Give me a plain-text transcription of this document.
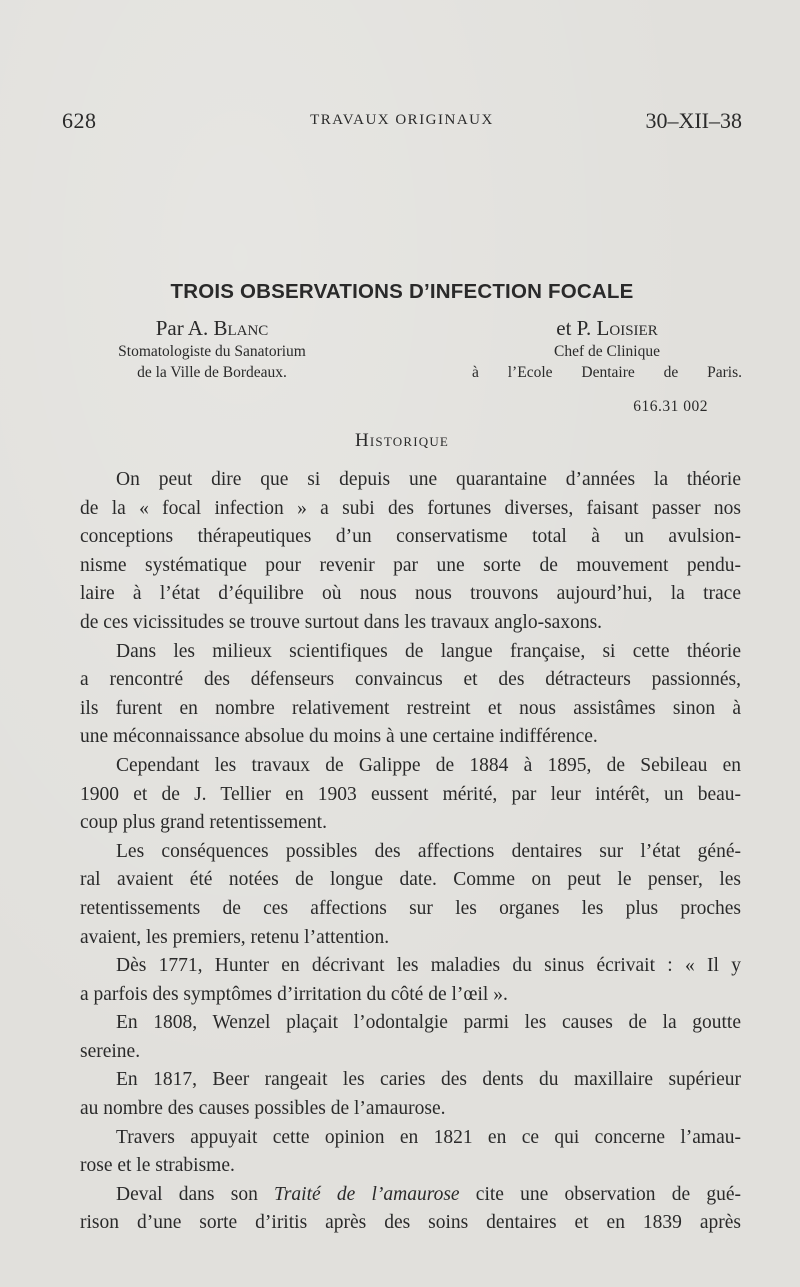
628	TRAVAUX ORIGINAUX	30–XII–38
TROIS OBSERVATIONS D’INFECTION FOCALE
Par A. Blanc
Stomatologiste du Sanatorium
de la Ville de Bordeaux.
et P. Loisier
Chef de Clinique
à l’Ecole Dentaire de Paris.
616.31 002
Historique

On peut dire que si depuis une quarantaine d’années la théorie
de la « focal infection » a subi des fortunes diverses, faisant passer nos
conceptions thérapeutiques d’un conservatisme total à un avulsion-
nisme systématique pour revenir par une sorte de mouvement pendu-
laire à l’état d’équilibre où nous nous trouvons aujourd’hui, la trace
de ces vicissitudes se trouve surtout dans les travaux anglo-saxons.

Dans les milieux scientifiques de langue française, si cette théorie
a rencontré des défenseurs convaincus et des détracteurs passionnés,
ils furent en nombre relativement restreint et nous assistâmes sinon à
une méconnaissance absolue du moins à une certaine indifférence.

Cependant les travaux de Galippe de 1884 à 1895, de Sebileau en
1900 et de J. Tellier en 1903 eussent mérité, par leur intérêt, un beau-
coup plus grand retentissement.

Les conséquences possibles des affections dentaires sur l’état géné-
ral avaient été notées de longue date. Comme on peut le penser, les
retentissements de ces affections sur les organes les plus proches
avaient, les premiers, retenu l’attention.

Dès 1771, Hunter en décrivant les maladies du sinus écrivait : « Il y
a parfois des symptômes d’irritation du côté de l’œil ».

En 1808, Wenzel plaçait l’odontalgie parmi les causes de la goutte
sereine.

En 1817, Beer rangeait les caries des dents du maxillaire supérieur
au nombre des causes possibles de l’amaurose.

Travers appuyait cette opinion en 1821 en ce qui concerne l’amau-
rose et le strabisme.

Deval dans son Traité de l’amaurose cite une observation de gué-
rison d’une sorte d’iritis après des soins dentaires et en 1839 après
